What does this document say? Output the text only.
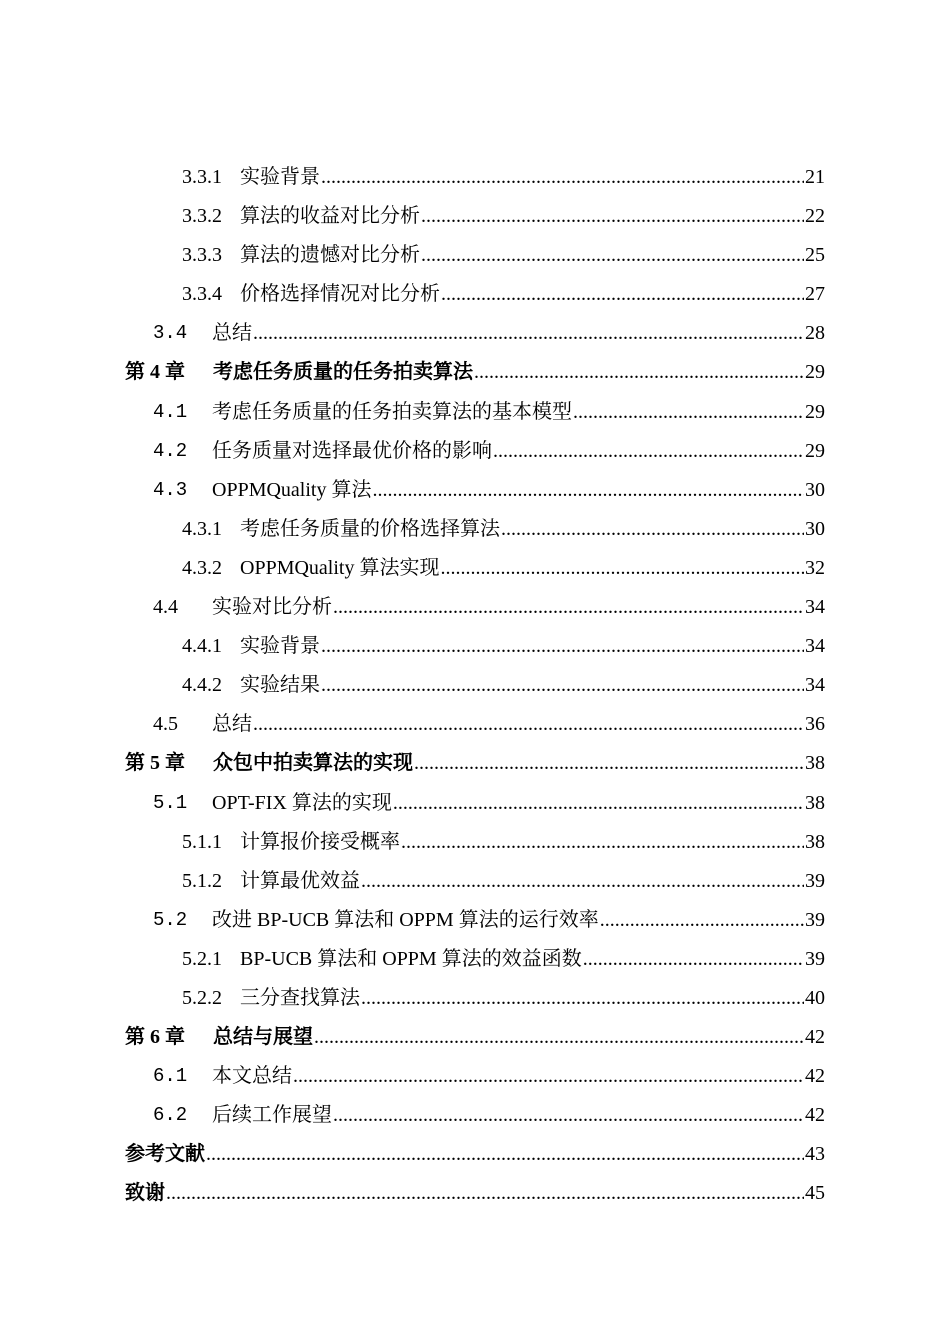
3.3.1 实验背景 .....	21
3.3.2 算法的收益对比分析 .....	22
3.3.3 算法的遗憾对比分析 .....	25
3.3.4 价格选择情况对比分析 .....	27
3.4	总结 .....	28
第 4 章	考虑任务质量的任务拍卖算法 .....	29
4.1	考虑任务质量的任务拍卖算法的基本模型 .....	29
4.2	任务质量对选择最优价格的影响 .....	29
4.3	OPPMQuality 算法 .....	30
4.3.1 考虑任务质量的价格选择算法 .....	30
4.3.2 OPPMQuality 算法实现 .....	32
4.4	实验对比分析 .....	34
4.4.1 实验背景 .....	34
4.4.2 实验结果 .....	34
4.5	总结 .....	36
第 5 章	众包中拍卖算法的实现 .....	38
5.1	OPT-FIX 算法的实现 .....	38
5.1.1 计算报价接受概率 .....	38
5.1.2 计算最优效益 .....	39
5.2	改进 BP-UCB 算法和 OPPM 算法的运行效率 .....	39
5.2.1 BP-UCB 算法和 OPPM 算法的效益函数 .....	39
5.2.2 三分查找算法 .....	40
第 6 章	总结与展望 .....	42
6.1	本文总结 .....	42
6.2	后续工作展望 .....	42
参考文献 .....	43
致谢 .....	45
